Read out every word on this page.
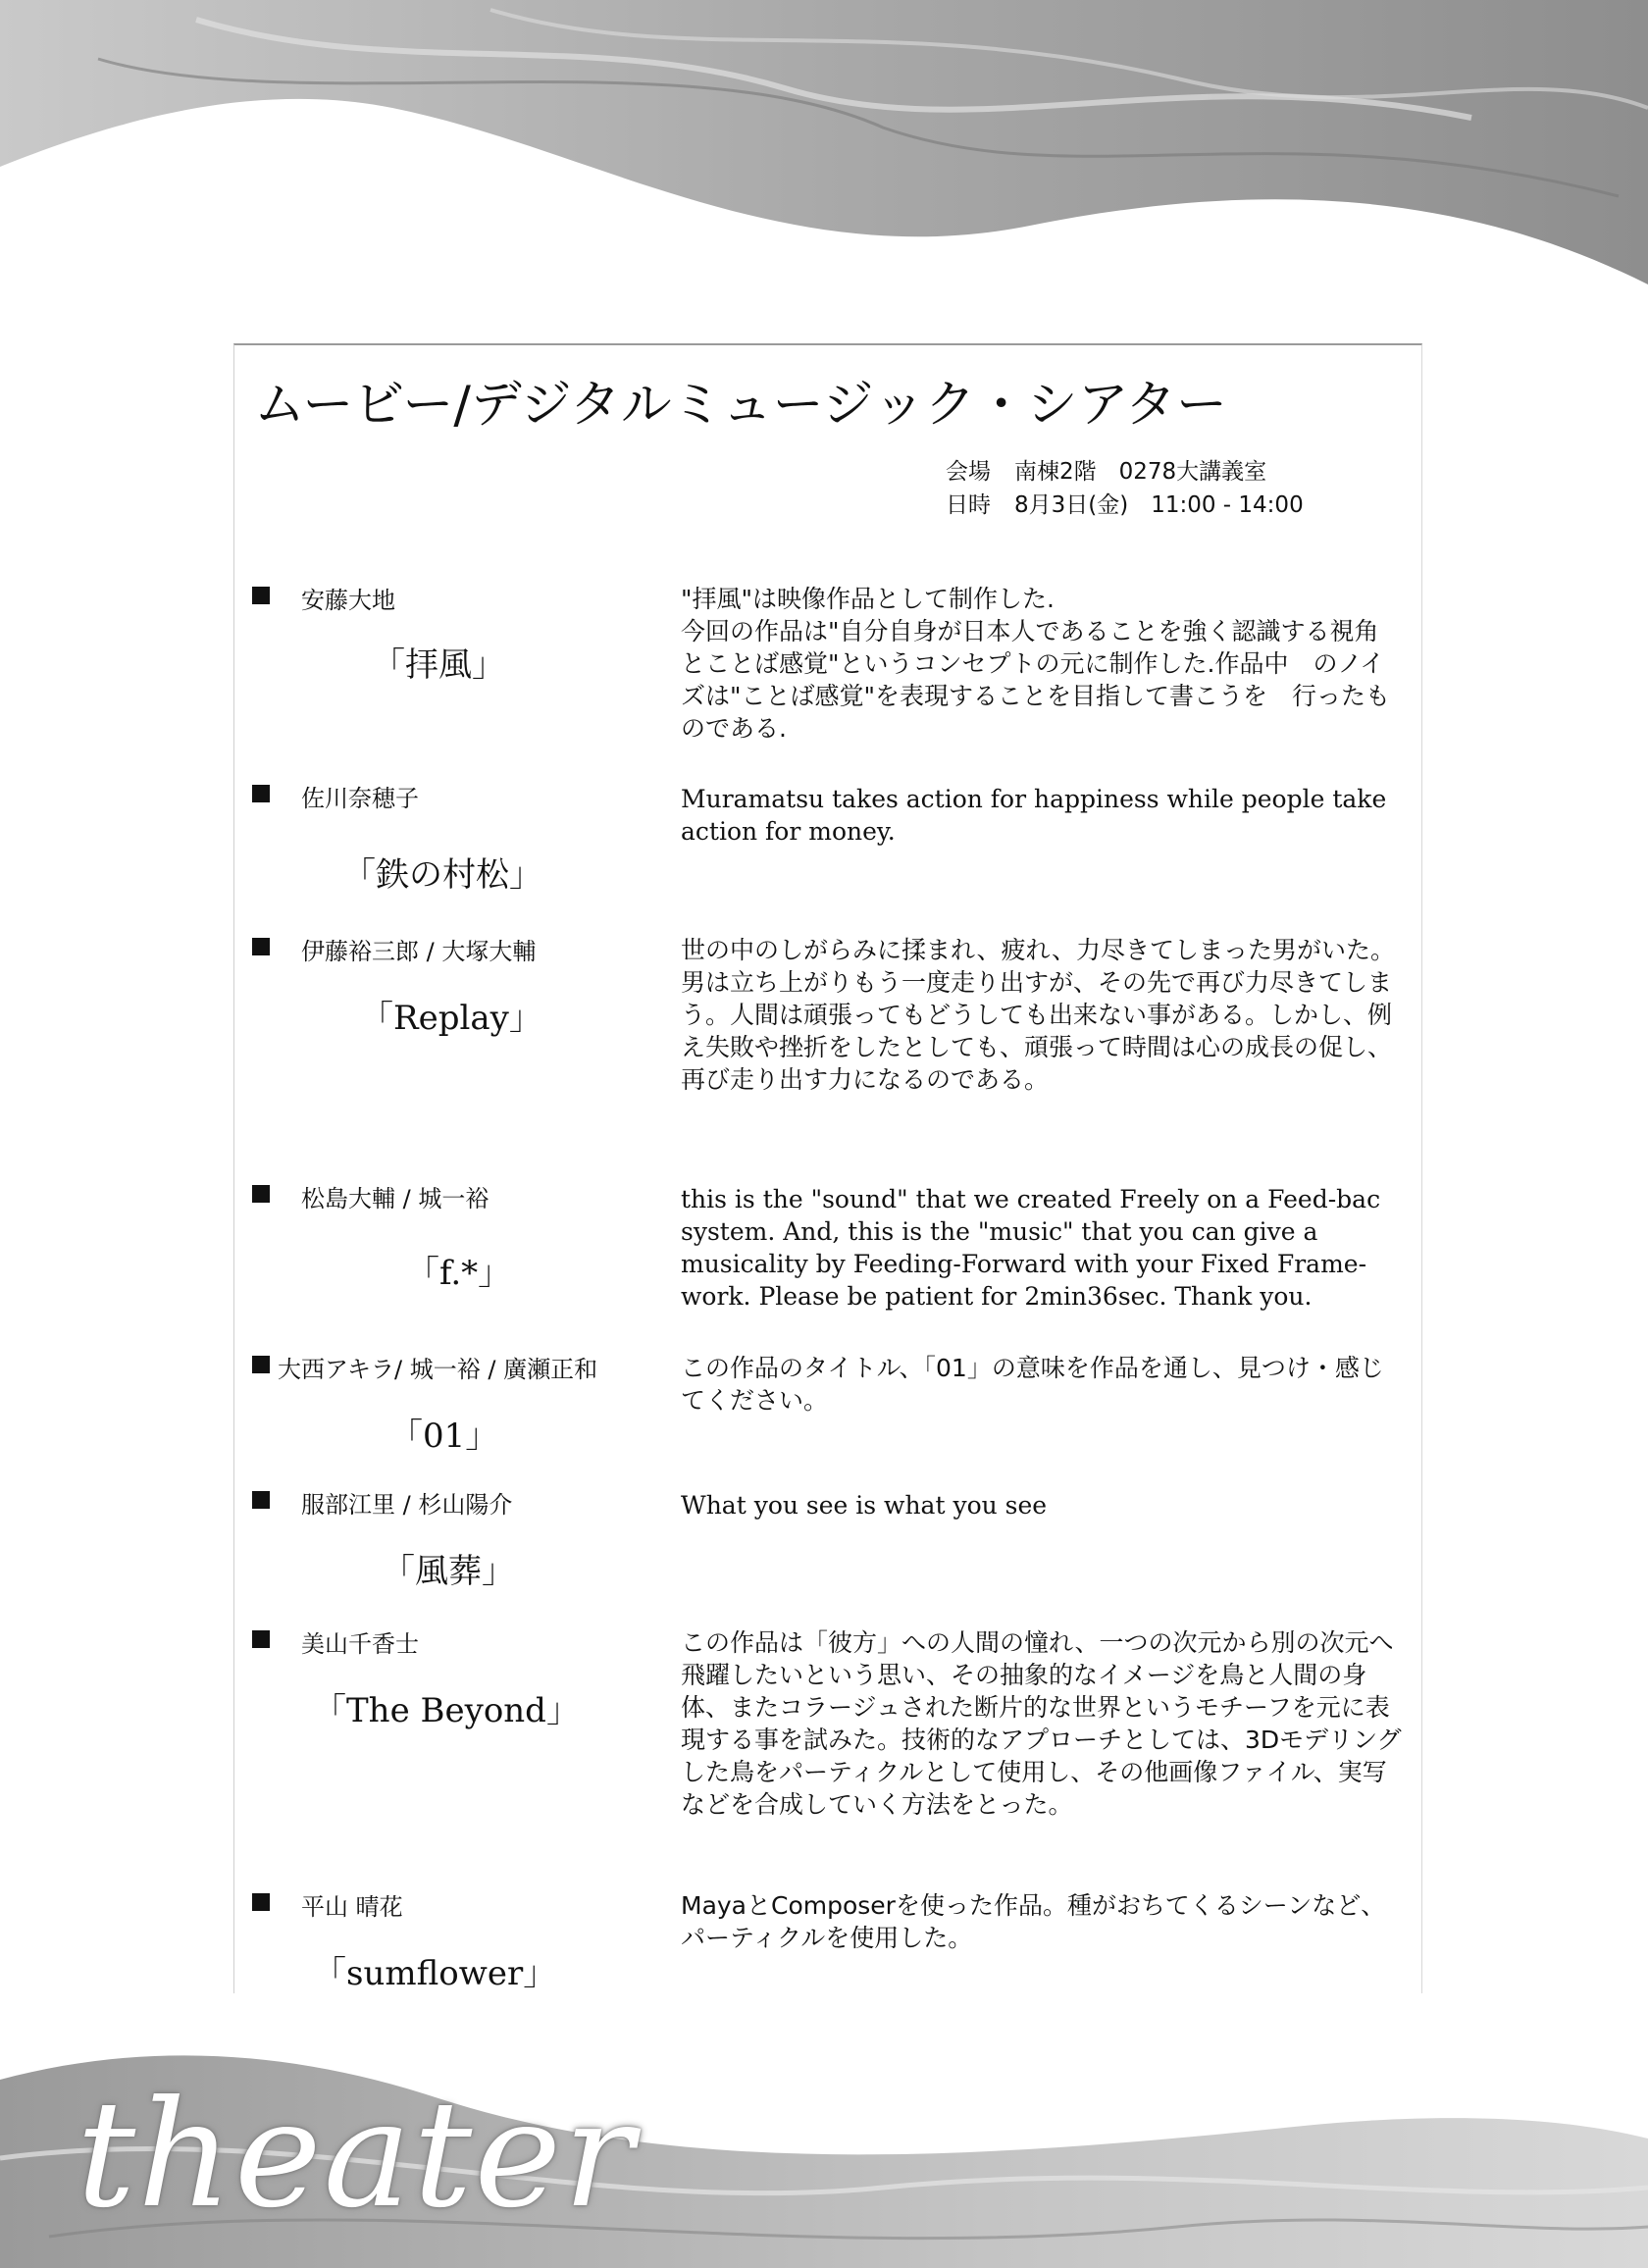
theater
ムービー/デジタルミュージック・シアター
会場 南棟2階　0278大講義室
日時 8月3日(金)　11:00 - 14:00
安藤大地
「拝風」
"拝風"は映像作品として制作した.
今回の作品は"自分自身が日本人であることを強く認識する視角とことば感覚"というコンセプトの元に制作した.作品中　のノイズは"ことば感覚"を表現することを目指して書こうを　行ったものである.
佐川奈穂子
「鉄の村松」
Muramatsu takes action for happiness while people take action for money.
伊藤裕三郎 / 大塚大輔
「Replay」
世の中のしがらみに揉まれ、疲れ、力尽きてしまった男がいた。男は立ち上がりもう一度走り出すが、その先で再び力尽きてしまう。人間は頑張ってもどうしても出来ない事がある。しかし、例え失敗や挫折をしたとしても、頑張って時間は心の成長の促し、再び走り出す力になるのである。
松島大輔 / 城一裕
「f.*」
this is the "sound" that we created Freely on a Feed-bac system. And, this is the "music" that you can give a musicality by Feeding-Forward with your Fixed Frame-work. Please be patient for 2min36sec. Thank you.
大西アキラ/ 城一裕 / 廣瀬正和
「01」
この作品のタイトル、「01」の意味を作品を通し、見つけ・感じてください。
服部江里 / 杉山陽介
「風葬」
What you see is what you see
美山千香士
「The Beyond」
この作品は「彼方」への人間の憧れ、一つの次元から別の次元へ飛躍したいという思い、その抽象的なイメージを鳥と人間の身体、またコラージュされた断片的な世界というモチーフを元に表現する事を試みた。技術的なアプローチとしては、3Dモデリングした鳥をパーティクルとして使用し、その他画像ファイル、実写などを合成していく方法をとった。
平山 晴花
「sumflower」
MayaとComposerを使った作品。種がおちてくるシーンなど、パーティクルを使用した。
